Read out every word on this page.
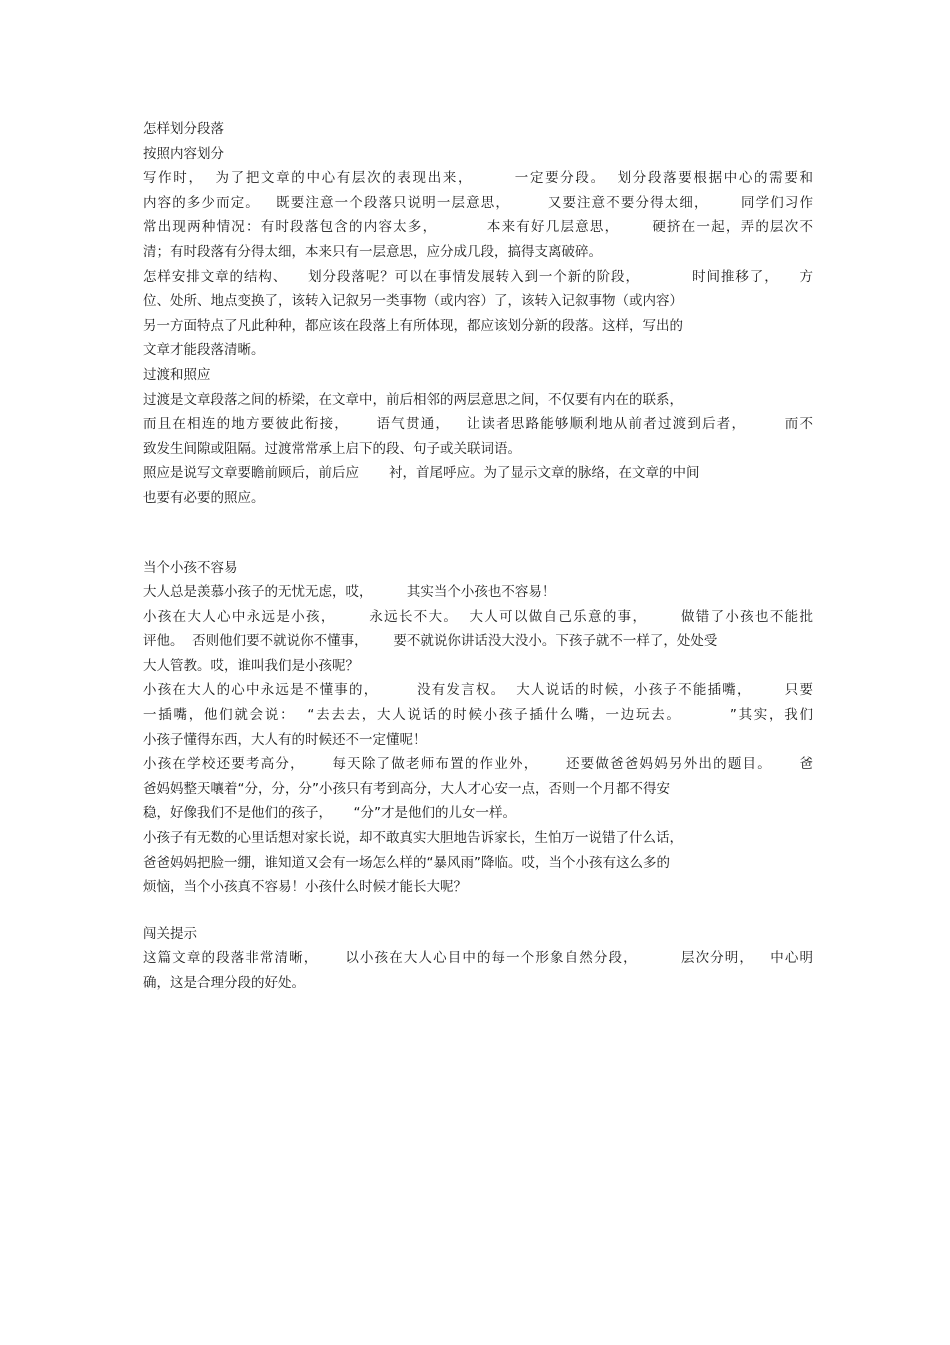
怎样划分段落
按照内容划分
写作时，  为了把文章的中心有层次的表现出来，       一定要分段。  划分段落要根据中心的需要和
内容的多少而定。   既要注意一个段落只说明一层意思，       又要注意不要分得太细，      同学们习作
常出现两种情况：有时段落包含的内容太多，         本来有好几层意思，      硬挤在一起，弄的层次不
清；有时段落有分得太细，本来只有一层意思，应分成几段，搞得支离破碎。
怎样安排文章的结构、    划分段落呢？可以在事情发展转入到一个新的阶段，          时间推移了，    方
位、处所、地点变换了，该转入记叙另一类事物（或内容）了，该转入记叙事物（或内容）
另一方面特点了凡此种种，都应该在段落上有所体现，都应该划分新的段落。这样，写出的
文章才能段落清晰。
过渡和照应
过渡是文章段落之间的桥梁，在文章中，前后相邻的两层意思之间，不仅要有内在的联系，
而且在相连的地方要彼此衔接，     语气贯通，   让读者思路能够顺利地从前者过渡到后者，       而不
致发生间隙或阻隔。过渡常常承上启下的段、句子或关联词语。
照应是说写文章要瞻前顾后，前后应       衬，首尾呼应。为了显示文章的脉络，在文章的中间
也要有必要的照应。
当个小孩不容易
大人总是羡慕小孩子的无忧无虑，哎，        其实当个小孩也不容易！
小孩在大人心中永远是小孩，      永远长不大。  大人可以做自己乐意的事，      做错了小孩也不能批
评他。  否则他们要不就说你不懂事，      要不就说你讲话没大没小。下孩子就不一样了，处处受
大人管教。哎，谁叫我们是小孩呢？
小孩在大人的心中永远是不懂事的，       没有发言权。  大人说话的时候，小孩子不能插嘴，      只要
一插嘴，他们就会说：  “去去去，大人说话的时候小孩子插什么嘴，一边玩去。        ”其实，我们
小孩子懂得东西，大人有的时候还不一定懂呢！
小孩在学校还要考高分，     每天除了做老师布置的作业外，     还要做爸爸妈妈另外出的题目。     爸
爸妈妈整天嚷着“分，分，分”小孩只有考到高分，大人才心安一点，否则一个月都不得安
稳，好像我们不是他们的孩子，     “分”才是他们的儿女一样。
小孩子有无数的心里话想对家长说，却不敢真实大胆地告诉家长，生怕万一说错了什么话，
爸爸妈妈把脸一绷，谁知道又会有一场怎么样的“暴风雨”降临。哎，当个小孩有这么多的
烦恼，当个小孩真不容易！小孩什么时候才能长大呢？
闯关提示
这篇文章的段落非常清晰，     以小孩在大人心目中的每一个形象自然分段，        层次分明，   中心明
确，这是合理分段的好处。
